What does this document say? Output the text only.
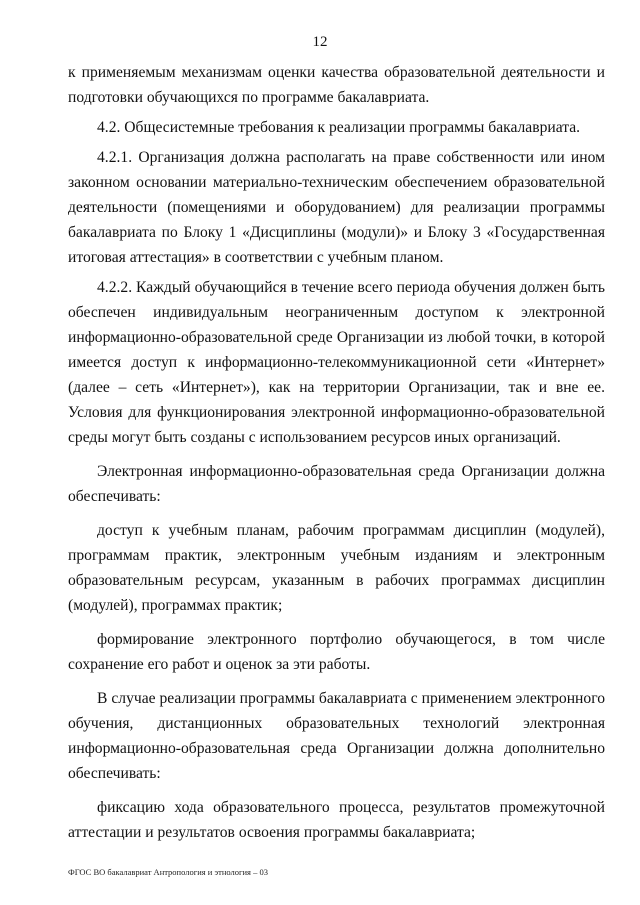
12

к применяемым механизмам оценки качества образовательной деятельности и подготовки обучающихся по программе бакалавриата.

4.2. Общесистемные требования к реализации программы бакалавриата.

4.2.1. Организация должна располагать на праве собственности или ином законном основании материально-техническим обеспечением образовательной деятельности (помещениями и оборудованием) для реализации программы бакалавриата по Блоку 1 «Дисциплины (модули)» и Блоку 3 «Государственная итоговая аттестация» в соответствии с учебным планом.

4.2.2. Каждый обучающийся в течение всего периода обучения должен быть обеспечен индивидуальным неограниченным доступом к электронной информационно-образовательной среде Организации из любой точки, в которой имеется доступ к информационно-телекоммуникационной сети «Интернет» (далее – сеть «Интернет»), как на территории Организации, так и вне ее. Условия для функционирования электронной информационно-образовательной среды могут быть созданы с использованием ресурсов иных организаций.

Электронная информационно-образовательная среда Организации должна обеспечивать:

доступ к учебным планам, рабочим программам дисциплин (модулей), программам практик, электронным учебным изданиям и электронным образовательным ресурсам, указанным в рабочих программах дисциплин (модулей), программах практик;

формирование электронного портфолио обучающегося, в том числе сохранение его работ и оценок за эти работы.

В случае реализации программы бакалавриата с применением электронного обучения, дистанционных образовательных технологий электронная информационно-образовательная среда Организации должна дополнительно обеспечивать:

фиксацию хода образовательного процесса, результатов промежуточной аттестации и результатов освоения программы бакалавриата;

ФГОС ВО бакалавриат Антропология и этнология – 03
